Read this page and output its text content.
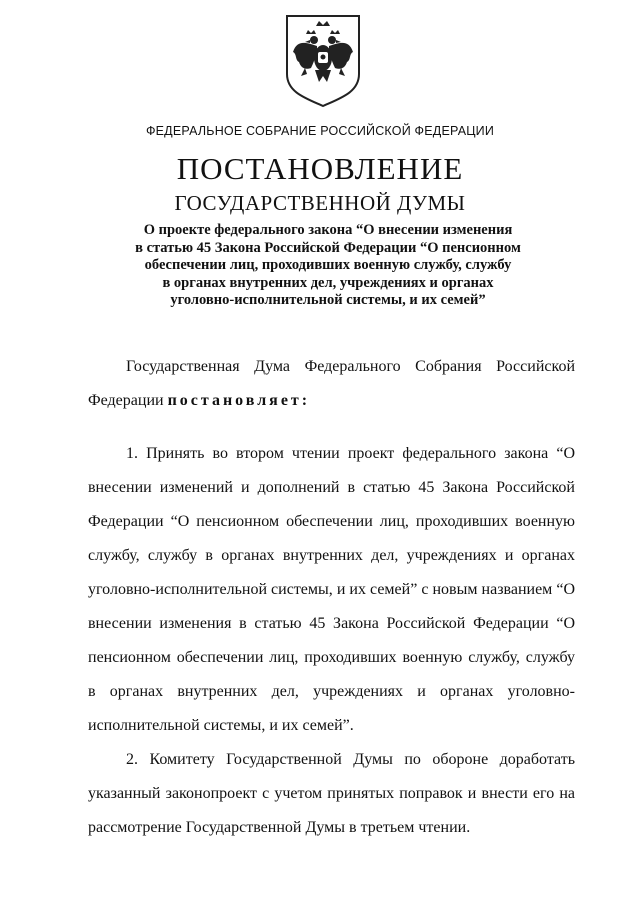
ФЕДЕРАЛЬНОЕ СОБРАНИЕ РОССИЙСКОЙ ФЕДЕРАЦИИ
ПОСТАНОВЛЕНИЕ
ГОСУДАРСТВЕННОЙ ДУМЫ
О проекте федерального закона “О внесении изменения
в статью 45 Закона Российской Федерации “О пенсионном
обеспечении лиц, проходивших военную службу, службу
в органах внутренних дел, учреждениях и органах
уголовно-исполнительной системы, и их семей”
Государственная Дума Федерального Собрания Российской Федерации постановляет:
1. Принять во втором чтении проект федерального закона “О внесении изменений и дополнений в статью 45 Закона Российской Федерации “О пенсионном обеспечении лиц, проходивших военную службу, службу в органах внутренних дел, учреждениях и органах уголовно-исполнительной системы, и их семей” с новым названием “О внесении изменения в статью 45 Закона Российской Федерации “О пенсионном обеспечении лиц, проходивших военную службу, службу в органах внутренних дел, учреждениях и органах уголовно-исполнительной системы, и их семей”.
2. Комитету Государственной Думы по обороне доработать указанный законопроект с учетом принятых поправок и внести его на рассмотрение Государственной Думы в третьем чтении.
